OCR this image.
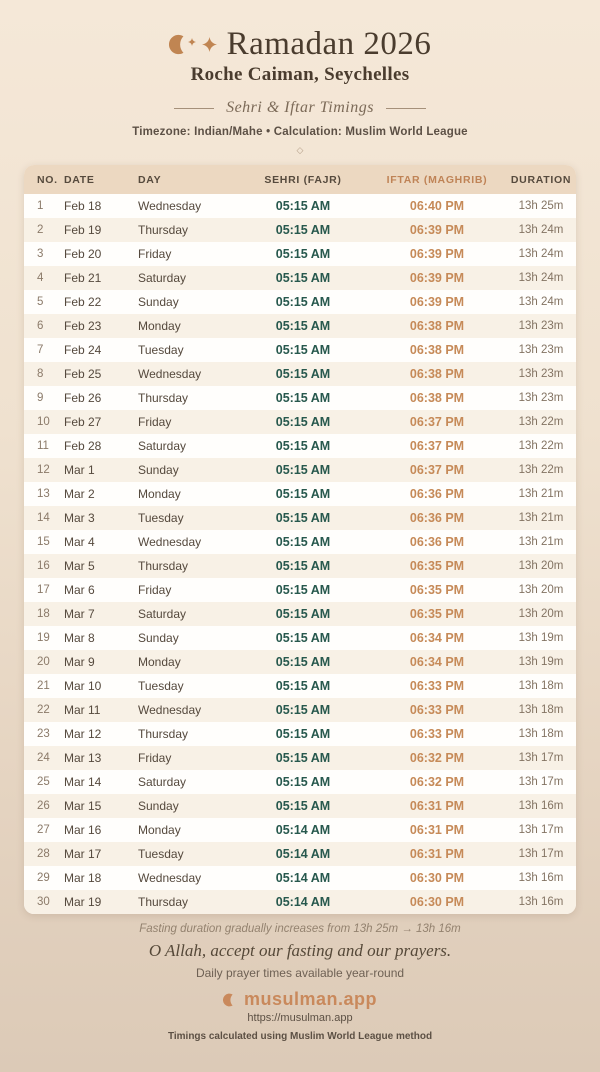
Ramadan 2026
Roche Caiman, Seychelles
Sehri & Iftar Timings
Timezone: Indian/Mahe • Calculation: Muslim World League
◇
NO.	DATE	DAY	SEHRI (FAJR)	IFTAR (MAGHRIB)	DURATION
1	Feb 18	Wednesday	05:15 AM	06:40 PM	13h 25m
2	Feb 19	Thursday	05:15 AM	06:39 PM	13h 24m
3	Feb 20	Friday	05:15 AM	06:39 PM	13h 24m
4	Feb 21	Saturday	05:15 AM	06:39 PM	13h 24m
5	Feb 22	Sunday	05:15 AM	06:39 PM	13h 24m
6	Feb 23	Monday	05:15 AM	06:38 PM	13h 23m
7	Feb 24	Tuesday	05:15 AM	06:38 PM	13h 23m
8	Feb 25	Wednesday	05:15 AM	06:38 PM	13h 23m
9	Feb 26	Thursday	05:15 AM	06:38 PM	13h 23m
10	Feb 27	Friday	05:15 AM	06:37 PM	13h 22m
11	Feb 28	Saturday	05:15 AM	06:37 PM	13h 22m
12	Mar 1	Sunday	05:15 AM	06:37 PM	13h 22m
13	Mar 2	Monday	05:15 AM	06:36 PM	13h 21m
14	Mar 3	Tuesday	05:15 AM	06:36 PM	13h 21m
15	Mar 4	Wednesday	05:15 AM	06:36 PM	13h 21m
16	Mar 5	Thursday	05:15 AM	06:35 PM	13h 20m
17	Mar 6	Friday	05:15 AM	06:35 PM	13h 20m
18	Mar 7	Saturday	05:15 AM	06:35 PM	13h 20m
19	Mar 8	Sunday	05:15 AM	06:34 PM	13h 19m
20	Mar 9	Monday	05:15 AM	06:34 PM	13h 19m
21	Mar 10	Tuesday	05:15 AM	06:33 PM	13h 18m
22	Mar 11	Wednesday	05:15 AM	06:33 PM	13h 18m
23	Mar 12	Thursday	05:15 AM	06:33 PM	13h 18m
24	Mar 13	Friday	05:15 AM	06:32 PM	13h 17m
25	Mar 14	Saturday	05:15 AM	06:32 PM	13h 17m
26	Mar 15	Sunday	05:15 AM	06:31 PM	13h 16m
27	Mar 16	Monday	05:14 AM	06:31 PM	13h 17m
28	Mar 17	Tuesday	05:14 AM	06:31 PM	13h 17m
29	Mar 18	Wednesday	05:14 AM	06:30 PM	13h 16m
30	Mar 19	Thursday	05:14 AM	06:30 PM	13h 16m
Fasting duration gradually increases from 13h 25m → 13h 16m
O Allah, accept our fasting and our prayers.
Daily prayer times available year-round
musulman.app
https://musulman.app
Timings calculated using Muslim World League method
